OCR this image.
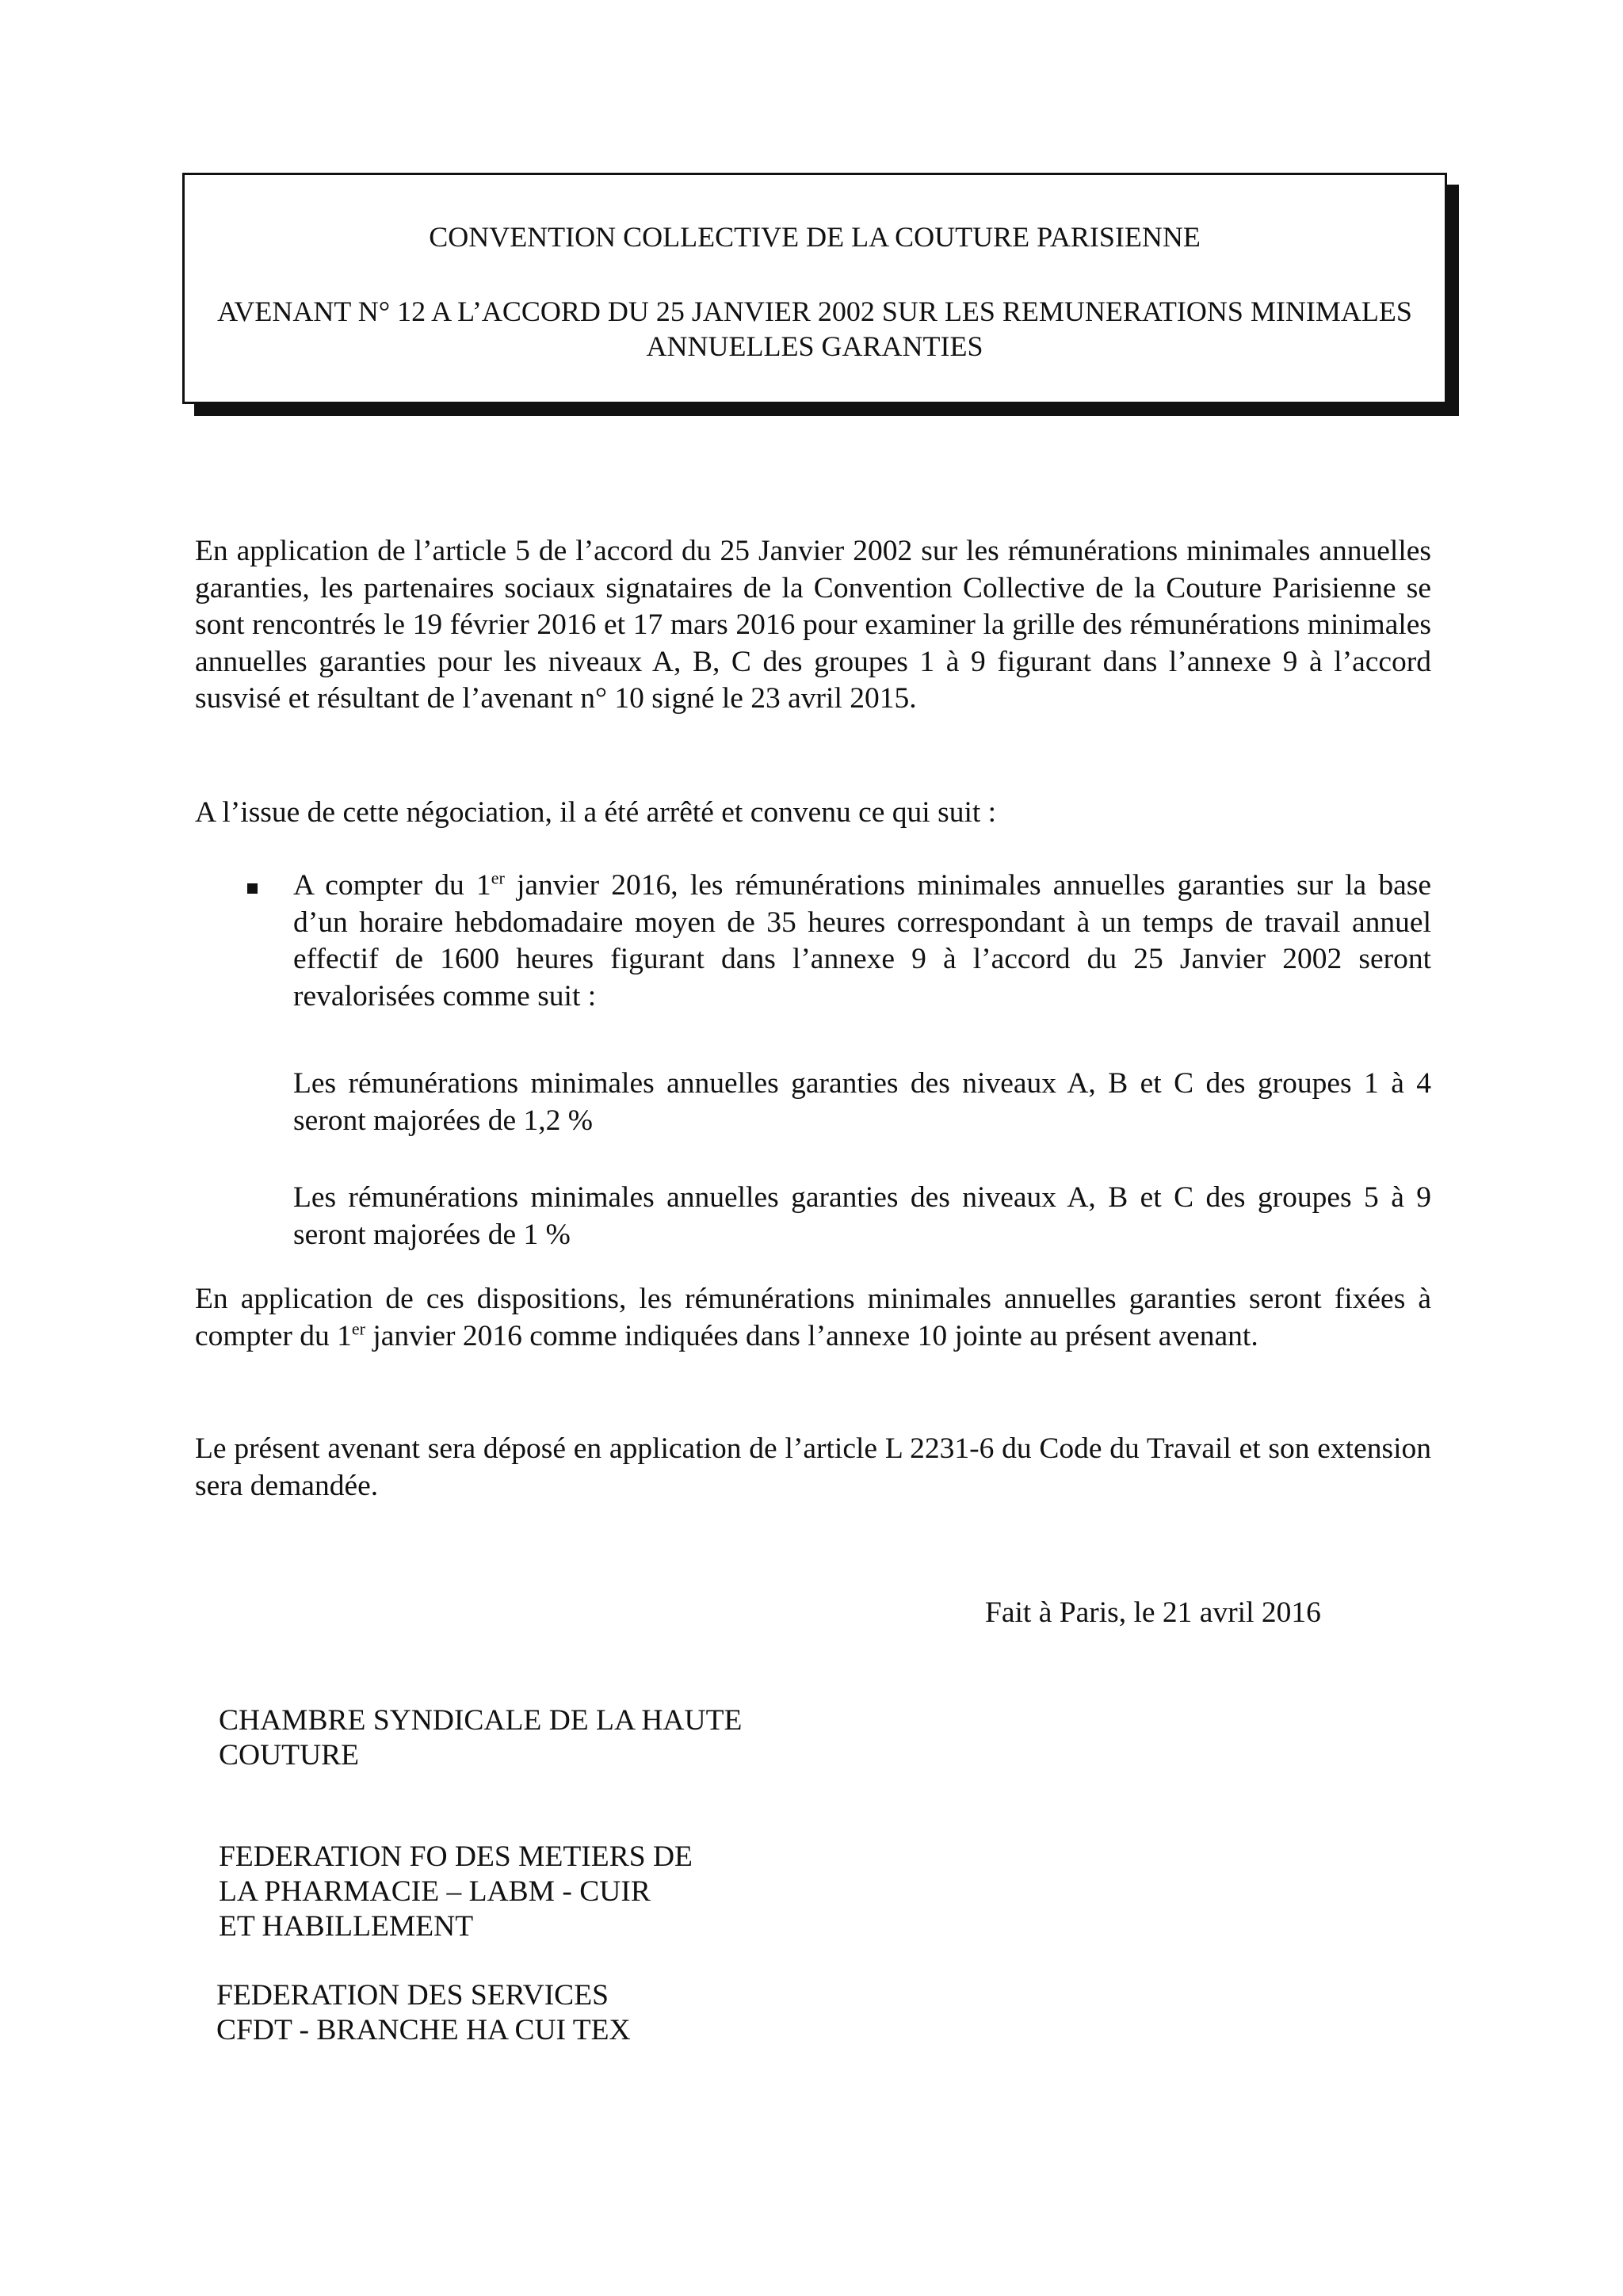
CONVENTION COLLECTIVE DE LA COUTURE PARISIENNE
AVENANT N° 12 A L’ACCORD DU 25 JANVIER 2002 SUR LES REMUNERATIONS MINIMALES ANNUELLES GARANTIES
En application de l’article 5 de l’accord du 25 Janvier 2002 sur les rémunérations minimales annuelles garanties, les partenaires sociaux signataires de la Convention Collective de la Couture Parisienne se sont rencontrés le 19 février 2016 et 17 mars 2016 pour examiner la grille des rémunérations minimales annuelles garanties pour les niveaux A, B, C des groupes 1 à 9 figurant dans l’annexe 9 à l’accord susvisé et résultant de l’avenant n° 10 signé le 23 avril 2015.
A l’issue de cette négociation, il a été arrêté et convenu ce qui suit :
A compter du 1er janvier 2016, les rémunérations minimales annuelles garanties sur la base d’un horaire hebdomadaire moyen de 35 heures correspondant à un temps de travail annuel effectif de 1600 heures figurant dans l’annexe 9 à l’accord du 25 Janvier 2002 seront revalorisées comme suit :
Les rémunérations minimales annuelles garanties des niveaux A, B et C des groupes 1 à 4 seront majorées de 1,2 %
Les rémunérations minimales annuelles garanties des niveaux A, B et C des groupes 5 à 9 seront majorées de 1 %
En application de ces dispositions, les rémunérations minimales annuelles garanties seront fixées à compter du 1er janvier 2016 comme indiquées dans l’annexe 10 jointe au présent avenant.
Le présent avenant sera déposé en application de l’article L 2231-6 du Code du Travail et son extension sera demandée.
Fait à Paris, le 21 avril 2016
CHAMBRE SYNDICALE DE LA HAUTE
COUTURE
FEDERATION FO DES METIERS DE
LA PHARMACIE – LABM - CUIR
ET HABILLEMENT
FEDERATION DES SERVICES
CFDT - BRANCHE HA CUI TEX
